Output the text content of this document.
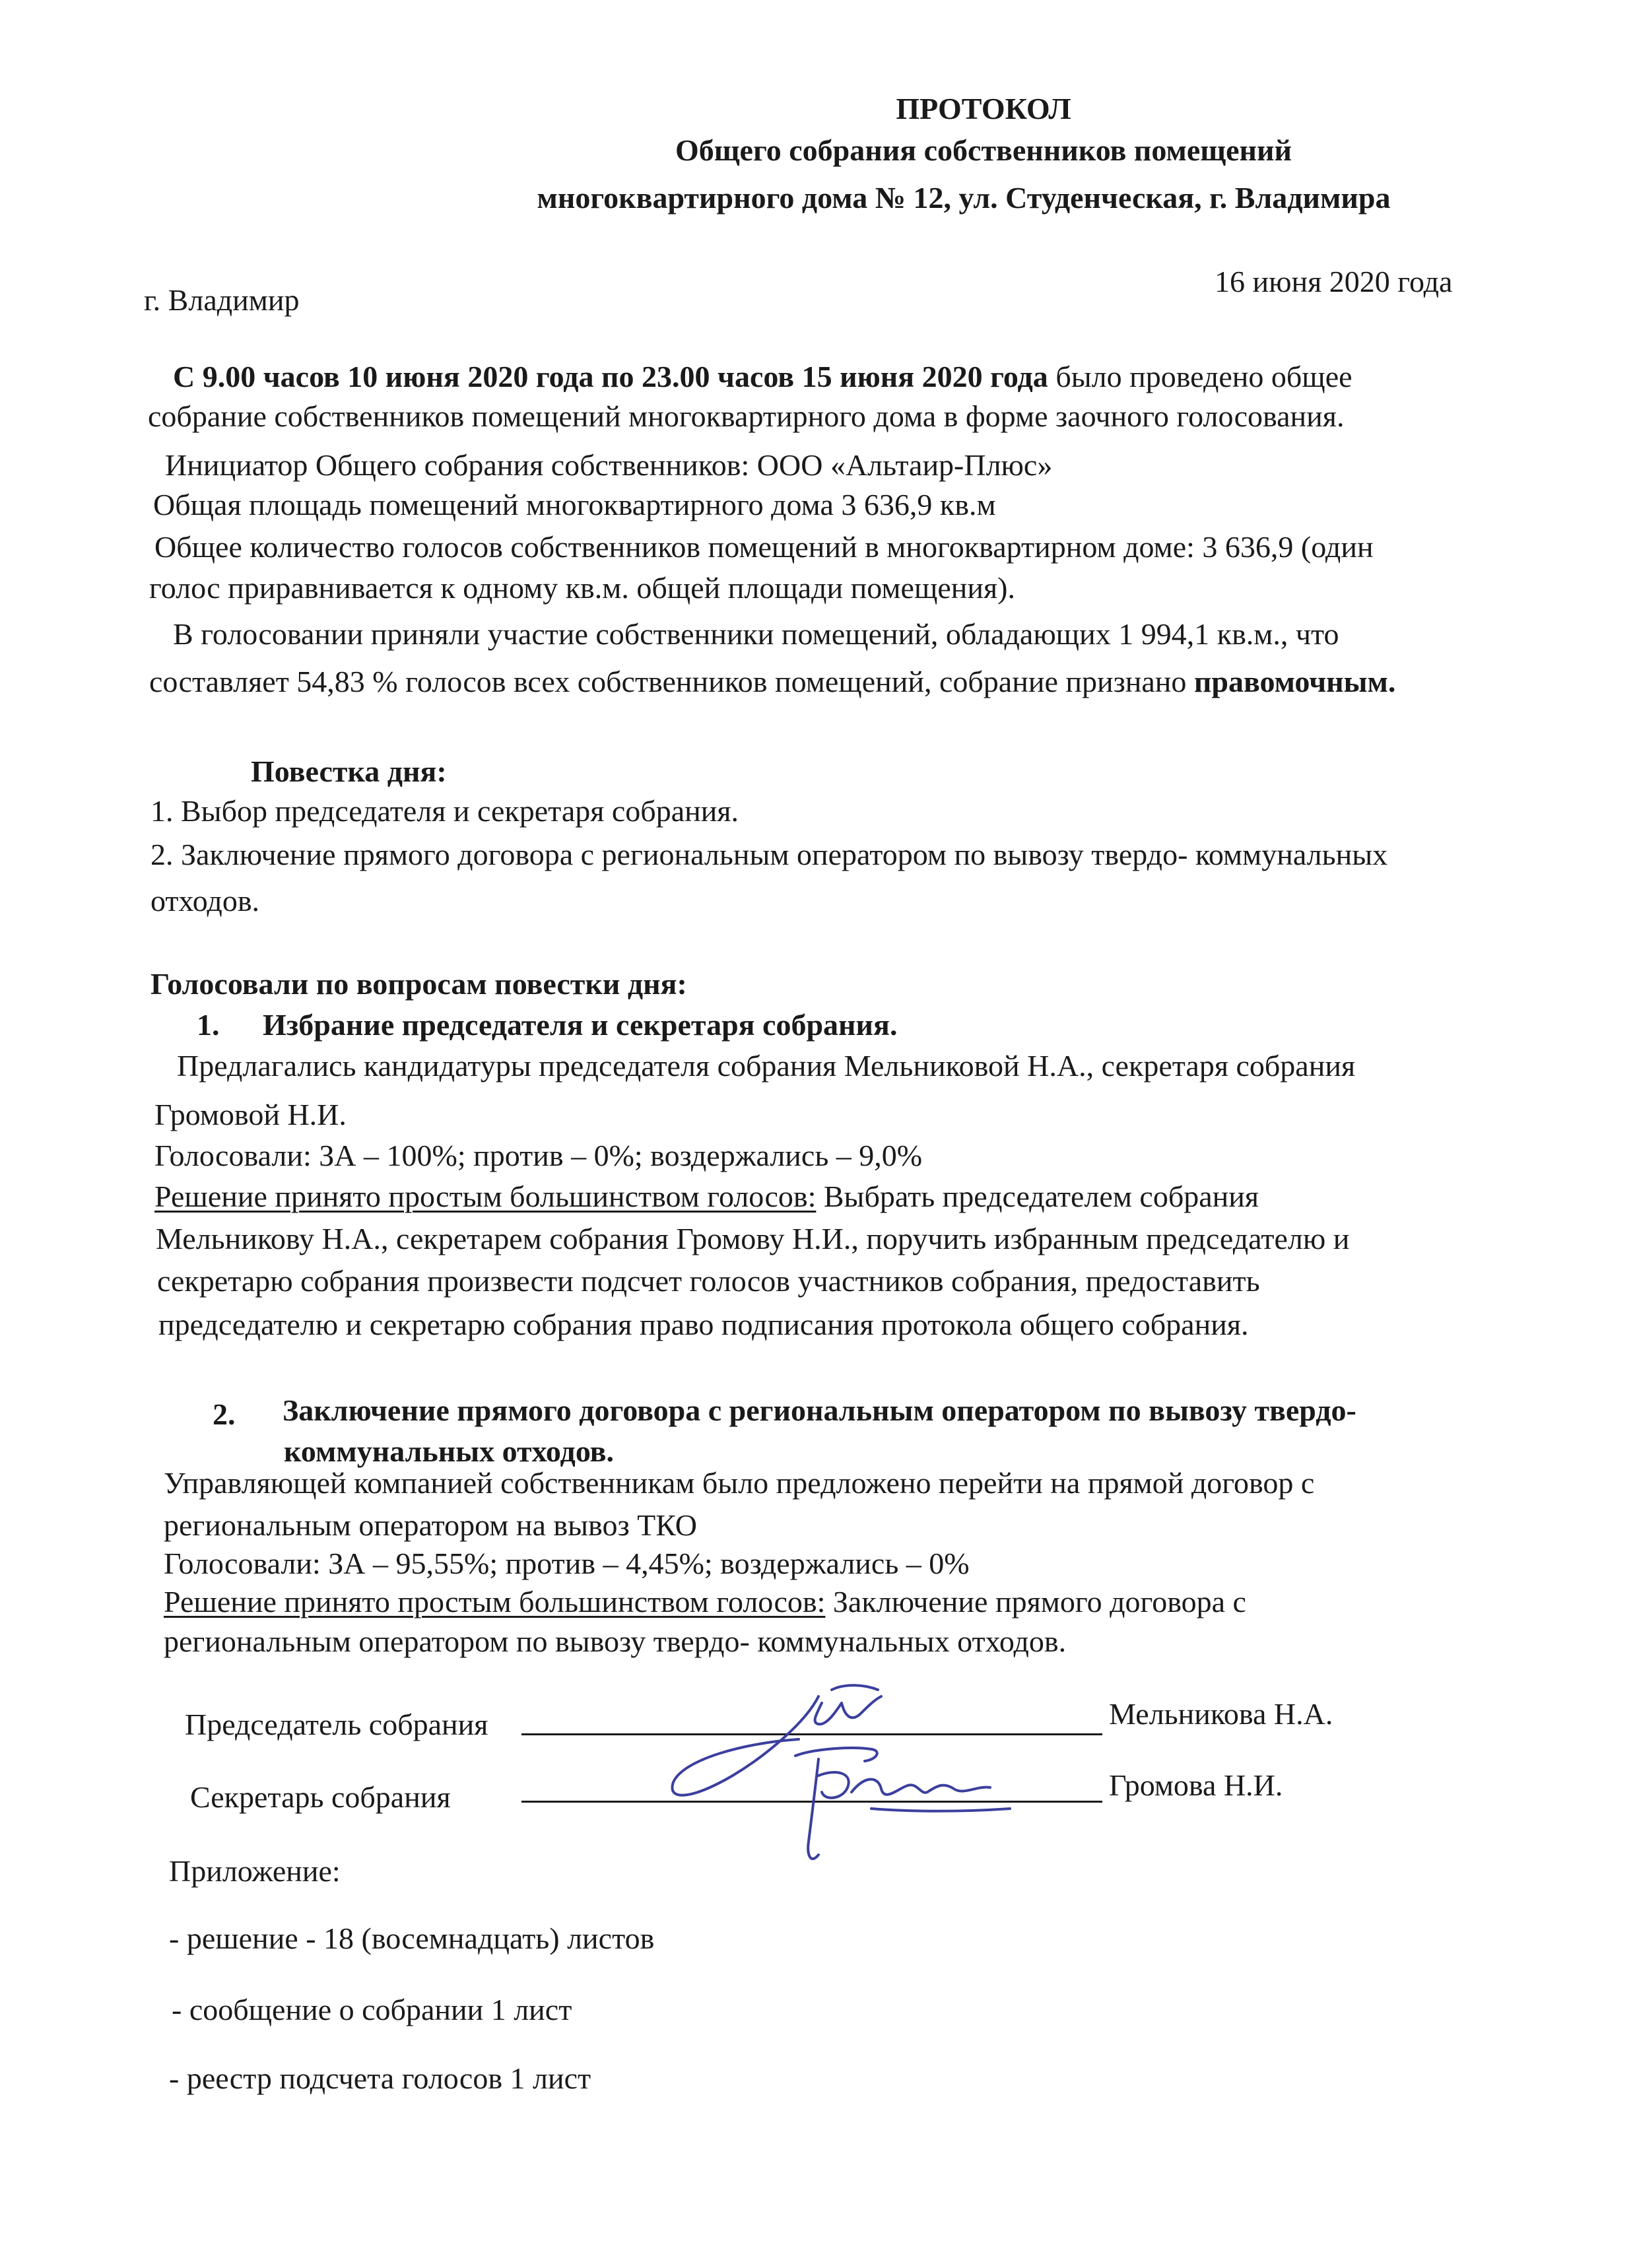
ПРОТОКОЛ
Общего собрания собственников помещений
многоквартирного дома № 12, ул. Студенческая, г. Владимира
г. Владимир
16 июня 2020 года
С 9.00 часов 10 июня 2020 года по 23.00 часов 15 июня 2020 года было проведено общее
собрание собственников помещений многоквартирного дома в форме заочного голосования.
Инициатор Общего собрания собственников: ООО «Альтаир-Плюс»
Общая площадь помещений многоквартирного дома 3 636,9 кв.м
Общее количество голосов собственников помещений в многоквартирном доме: 3 636,9 (один
голос приравнивается к одному кв.м. общей площади помещения).
В голосовании приняли участие собственники помещений, обладающих 1 994,1 кв.м., что
составляет 54,83 % голосов всех собственников помещений, собрание признано правомочным.
Повестка дня:
1. Выбор председателя и секретаря собрания.
2. Заключение прямого договора с региональным оператором по вывозу твердо- коммунальных
отходов.
Голосовали по вопросам повестки дня:
1. Избрание председателя и секретаря собрания.
Предлагались кандидатуры председателя собрания Мельниковой Н.А., секретаря собрания
Громовой Н.И.
Голосовали: ЗА – 100%; против – 0%; воздержались – 9,0%
Решение принято простым большинством голосов: Выбрать председателем собрания
Мельникову Н.А., секретарем собрания Громову Н.И., поручить избранным председателю и
секретарю собрания произвести подсчет голосов участников собрания, предоставить
председателю и секретарю собрания право подписания протокола общего собрания.
2. Заключение прямого договора с региональным оператором по вывозу твердо-
коммунальных отходов.
Управляющей компанией собственникам было предложено перейти на прямой договор с
региональным оператором на вывоз ТКО
Голосовали: ЗА – 95,55%; против – 4,45%; воздержались – 0%
Решение принято простым большинством голосов: Заключение прямого договора с
региональным оператором по вывозу твердо- коммунальных отходов.
Председатель собрания	Мельникова Н.А.
Секретарь собрания	Громова Н.И.
Приложение:
- решение - 18 (восемнадцать) листов
- сообщение о собрании 1 лист
- реестр подсчета голосов 1 лист
